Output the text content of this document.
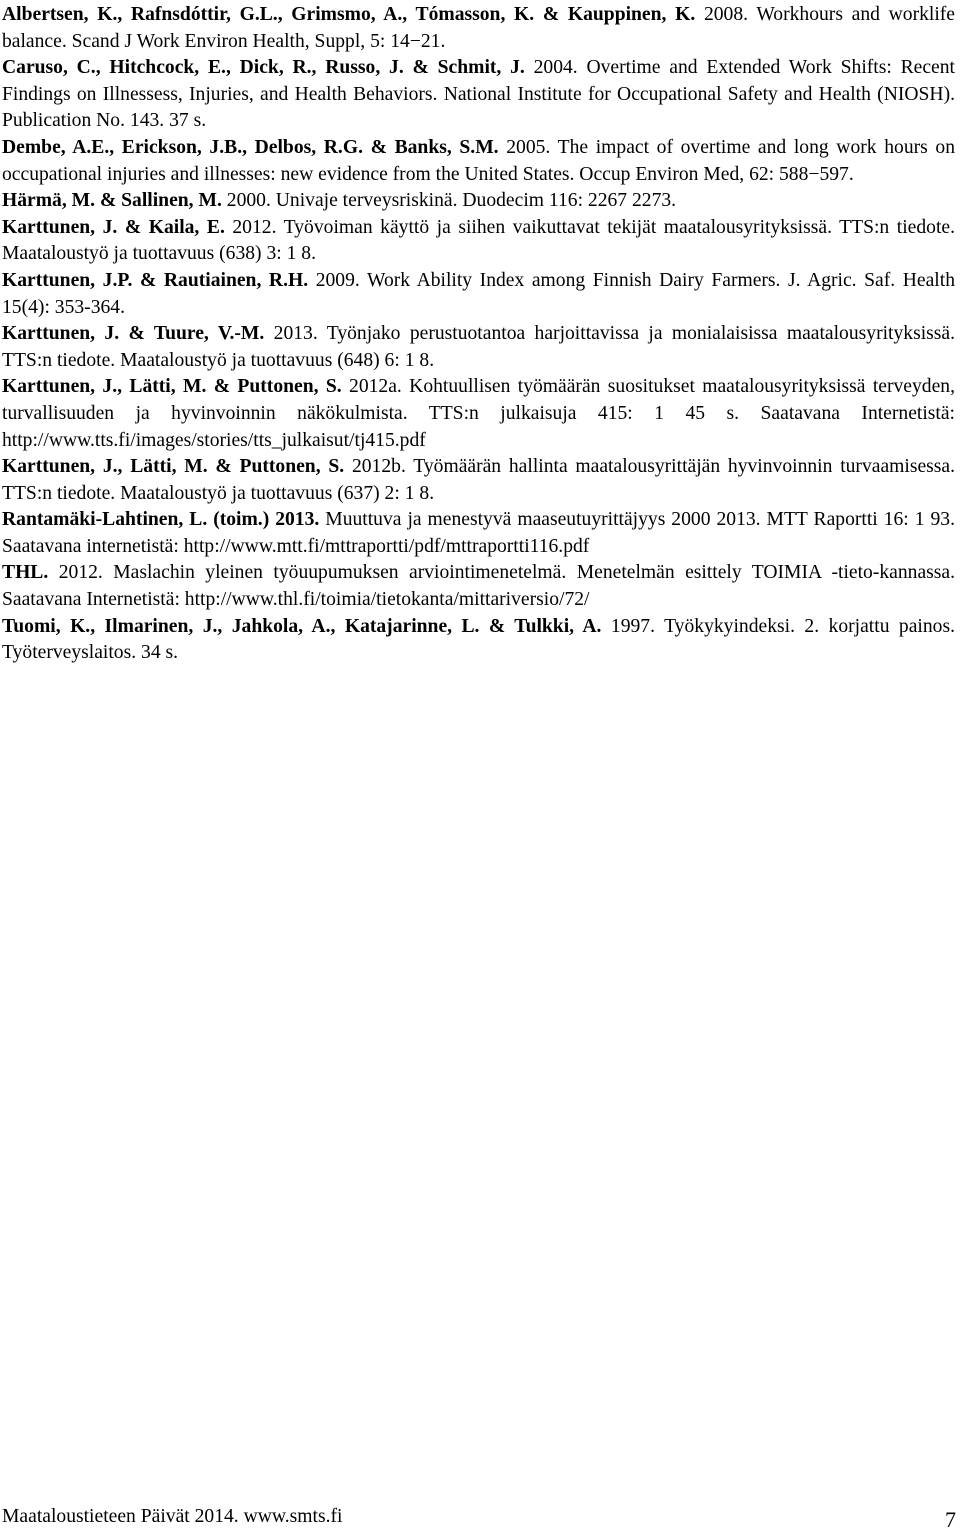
Albertsen, K., Rafnsdóttir, G.L., Grimsmo, A., Tómasson, K. & Kauppinen, K. 2008. Workhours and worklife balance. Scand J Work Environ Health, Suppl, 5: 14−21.
Caruso, C., Hitchcock, E., Dick, R., Russo, J. & Schmit, J. 2004. Overtime and Extended Work Shifts: Recent Findings on Illnessess, Injuries, and Health Behaviors. National Institute for Occupational Safety and Health (NIOSH). Publication No. 143. 37 s.
Dembe, A.E., Erickson, J.B., Delbos, R.G. & Banks, S.M. 2005. The impact of overtime and long work hours on occupational injuries and illnesses: new evidence from the United States. Occup Environ Med, 62: 588−597.
Härmä, M. & Sallinen, M. 2000. Univaje terveysriskinä. Duodecim 116: 2267 2273.
Karttunen, J. & Kaila, E. 2012. Työvoiman käyttö ja siihen vaikuttavat tekijät maatalousyrityksissä. TTS:n tiedote. Maataloustyö ja tuottavuus (638) 3: 1 8.
Karttunen, J.P. & Rautiainen, R.H. 2009. Work Ability Index among Finnish Dairy Farmers. J. Agric. Saf. Health 15(4): 353-364.
Karttunen, J. & Tuure, V.-M. 2013. Työnjako perustuotantoa harjoittavissa ja monialaisissa maatalousyrityksissä. TTS:n tiedote. Maataloustyö ja tuottavuus (648) 6: 1 8.
Karttunen, J., Lätti, M. & Puttonen, S. 2012a. Kohtuullisen työmäärän suositukset maatalousyrityksissä terveyden, turvallisuuden ja hyvinvoinnin näkökulmista. TTS:n julkaisuja 415: 1 45 s. Saatavana Internetistä: http://www.tts.fi/images/stories/tts_julkaisut/tj415.pdf
Karttunen, J., Lätti, M. & Puttonen, S. 2012b. Työmäärän hallinta maatalousyrittäjän hyvinvoinnin turvaamisessa. TTS:n tiedote. Maataloustyö ja tuottavuus (637) 2: 1 8.
Rantamäki-Lahtinen, L. (toim.) 2013. Muuttuva ja menestyvä maaseutuyrittäjyys 2000 2013. MTT Raportti 16: 1 93. Saatavana internetistä: http://www.mtt.fi/mttraportti/pdf/mttraportti116.pdf
THL. 2012. Maslachin yleinen työuupumuksen arviointimenetelmä. Menetelmän esittely TOIMIA -tieto-kannassa. Saatavana Internetistä: http://www.thl.fi/toimia/tietokanta/mittariversio/72/
Tuomi, K., Ilmarinen, J., Jahkola, A., Katajarinne, L. & Tulkki, A. 1997. Työkykyindeksi. 2. korjattu painos. Työterveyslaitos. 34 s.
Maataloustieteen Päivät 2014. www.smts.fi	7
